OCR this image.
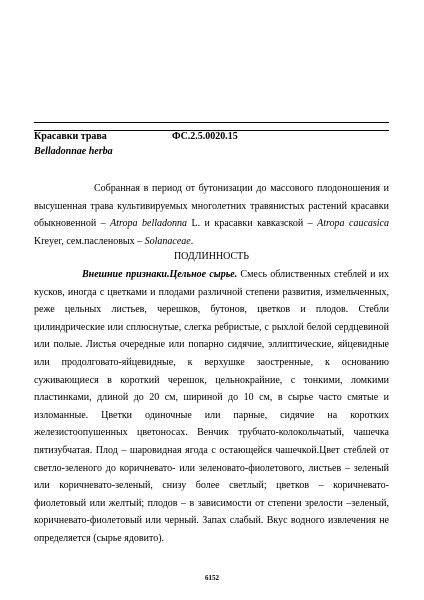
Красавки трава	ФС.2.5.0020.15
Belladonnae herba

Собранная в период от бутонизации до массового плодоношения и высушенная трава культивируемых многолетних травянистых растений красавки обыкновенной – Atropa belladonna L. и красавки кавказской – Atropa caucasica Kreyer, сем.пасленовых – Solanaceae.

ПОДЛИННОСТЬ

Внешние признаки.Цельное сырье. Смесь облиственных стеблей и их кусков, иногда с цветками и плодами различной степени развития, измельченных, реже цельных листьев, черешков, бутонов, цветков и плодов. Стебли цилиндрические или сплюснутые, слегка ребристые, с рыхлой белой сердцевиной или полые. Листья очередные или попарно сидячие, эллиптические, яйцевидные или продолговато-яйцевидные, к верхушке заостренные, к основанию суживающиеся в короткий черешок, цельнокрайние, с тонкими, ломкими пластинками, длиной до 20 см, шириной до 10 см, в сырье часто смятые и изломанные. Цветки одиночные или парные, сидячие на коротких железистоопушенных цветоносах. Венчик трубчато-колокольчатый, чашечка пятизубчатая. Плод – шаровидная ягода с остающейся чашечкой.Цвет стеблей от светло-зеленого до коричневато- или зеленовато-фиолетового, листьев – зеленый или коричневато-зеленый, снизу более светлый; цветков – коричневато-фиолетовый или желтый; плодов – в зависимости от степени зрелости –зеленый, коричневато-фиолетовый или черный. Запах слабый. Вкус водного извлечения не определяется (сырье ядовито).

6152
